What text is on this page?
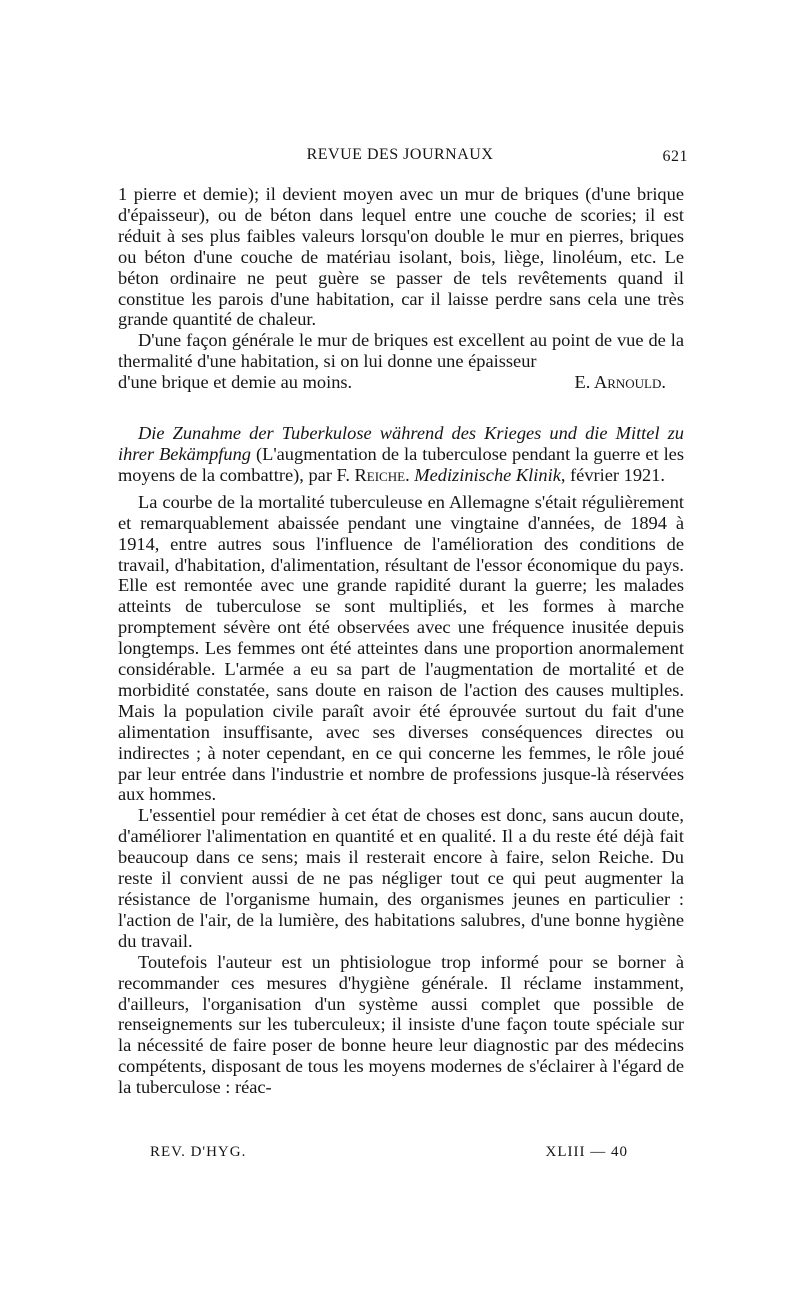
REVUE DES JOURNAUX	621

1 pierre et demie); il devient moyen avec un mur de briques (d'une brique d'épaisseur), ou de béton dans lequel entre une couche de scories; il est réduit à ses plus faibles valeurs lorsqu'on double le mur en pierres, briques ou béton d'une couche de matériau isolant, bois, liège, linoléum, etc. Le béton ordinaire ne peut guère se passer de tels revêtements quand il constitue les parois d'une habitation, car il laisse perdre sans cela une très grande quantité de chaleur.

D'une façon générale le mur de briques est excellent au point de vue de la thermalité d'une habitation, si on lui donne une épaisseur

d'une brique et demie au moins.	E. Arnould.

Die Zunahme der Tuberkulose während des Krieges und die Mittel zu ihrer Bekämpfung (L'augmentation de la tuberculose pendant la guerre et les moyens de la combattre), par F. Reiche. Medizinische Klinik, février 1921.

La courbe de la mortalité tuberculeuse en Allemagne s'était régulièrement et remarquablement abaissée pendant une vingtaine d'années, de 1894 à 1914, entre autres sous l'influence de l'amélioration des conditions de travail, d'habitation, d'alimentation, résultant de l'essor économique du pays. Elle est remontée avec une grande rapidité durant la guerre; les malades atteints de tuberculose se sont multipliés, et les formes à marche promptement sévère ont été observées avec une fréquence inusitée depuis longtemps. Les femmes ont été atteintes dans une proportion anormalement considérable. L'armée a eu sa part de l'augmentation de mortalité et de morbidité constatée, sans doute en raison de l'action des causes multiples. Mais la population civile paraît avoir été éprouvée surtout du fait d'une alimentation insuffisante, avec ses diverses conséquences directes ou indirectes ; à noter cependant, en ce qui concerne les femmes, le rôle joué par leur entrée dans l'industrie et nombre de professions jusque-là réservées aux hommes.

L'essentiel pour remédier à cet état de choses est donc, sans aucun doute, d'améliorer l'alimentation en quantité et en qualité. Il a du reste été déjà fait beaucoup dans ce sens; mais il resterait encore à faire, selon Reiche. Du reste il convient aussi de ne pas négliger tout ce qui peut augmenter la résistance de l'organisme humain, des organismes jeunes en particulier : l'action de l'air, de la lumière, des habitations salubres, d'une bonne hygiène du travail.

Toutefois l'auteur est un phtisiologue trop informé pour se borner à recommander ces mesures d'hygiène générale. Il réclame instamment, d'ailleurs, l'organisation d'un système aussi complet que possible de renseignements sur les tuberculeux; il insiste d'une façon toute spéciale sur la nécessité de faire poser de bonne heure leur diagnostic par des médecins compétents, disposant de tous les moyens modernes de s'éclairer à l'égard de la tuberculose : réac-

REV. D'HYG.	XLIII — 40
